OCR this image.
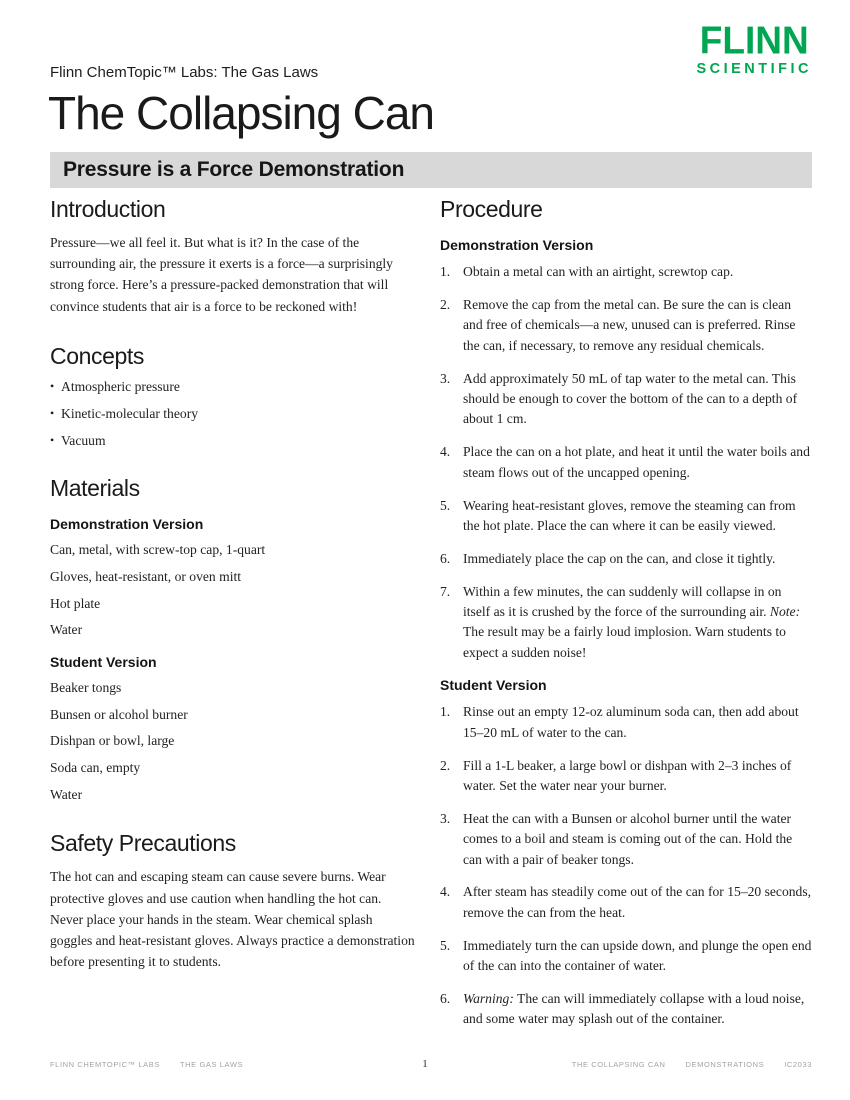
FLINN
SCIENTIFIC
Flinn ChemTopic™ Labs: The Gas Laws
The Collapsing Can
Pressure is a Force Demonstration
Introduction

Pressure—we all feel it. But what is it? In the case of the surrounding air, the pressure it exerts is a force—a surprisingly strong force. Here’s a pressure-packed demonstration that will convince students that air is a force to be reckoned with!

Concepts
• Atmospheric pressure
• Kinetic-molecular theory
• Vacuum
Materials
Demonstration Version
Can, metal, with screw-top cap, 1-quart
Gloves, heat-resistant, or oven mitt
Hot plate
Water
Student Version
Beaker tongs
Bunsen or alcohol burner
Dishpan or bowl, large
Soda can, empty
Water
Safety Precautions

The hot can and escaping steam can cause severe burns. Wear protective gloves and use caution when handling the hot can. Never place your hands in the steam. Wear chemical splash goggles and heat-resistant gloves. Always practice a demonstration before presenting it to students.

Procedure
Demonstration Version
1. Obtain a metal can with an airtight, screwtop cap.
2. Remove the cap from the metal can. Be sure the can is clean and free of chemicals—a new, unused can is preferred. Rinse the can, if necessary, to remove any residual chemicals.
3. Add approximately 50 mL of tap water to the metal can. This should be enough to cover the bottom of the can to a depth of about 1 cm.
4. Place the can on a hot plate, and heat it until the water boils and steam flows out of the uncapped opening.
5. Wearing heat-resistant gloves, remove the steaming can from the hot plate. Place the can where it can be easily viewed.
6. Immediately place the cap on the can, and close it tightly.
7. Within a few minutes, the can suddenly will collapse in on itself as it is crushed by the force of the surrounding air. Note: The result may be a fairly loud implosion. Warn students to expect a sudden noise!
Student Version
1. Rinse out an empty 12-oz aluminum soda can, then add about 15–20 mL of water to the can.
2. Fill a 1-L beaker, a large bowl or dishpan with 2–3 inches of water. Set the water near your burner.
3. Heat the can with a Bunsen or alcohol burner until the water comes to a boil and steam is coming out of the can. Hold the can with a pair of beaker tongs.
4. After steam has steadily come out of the can for 15–20 seconds, remove the can from the heat.
5. Immediately turn the can upside down, and plunge the open end of the can into the container of water.
6. Warning: The can will immediately collapse with a loud noise, and some water may splash out of the container.
FLINN CHEMTOPIC™ LABS	THE GAS LAWS	THE COLLAPSING CAN	DEMONSTRATIONS	IC2033
1
